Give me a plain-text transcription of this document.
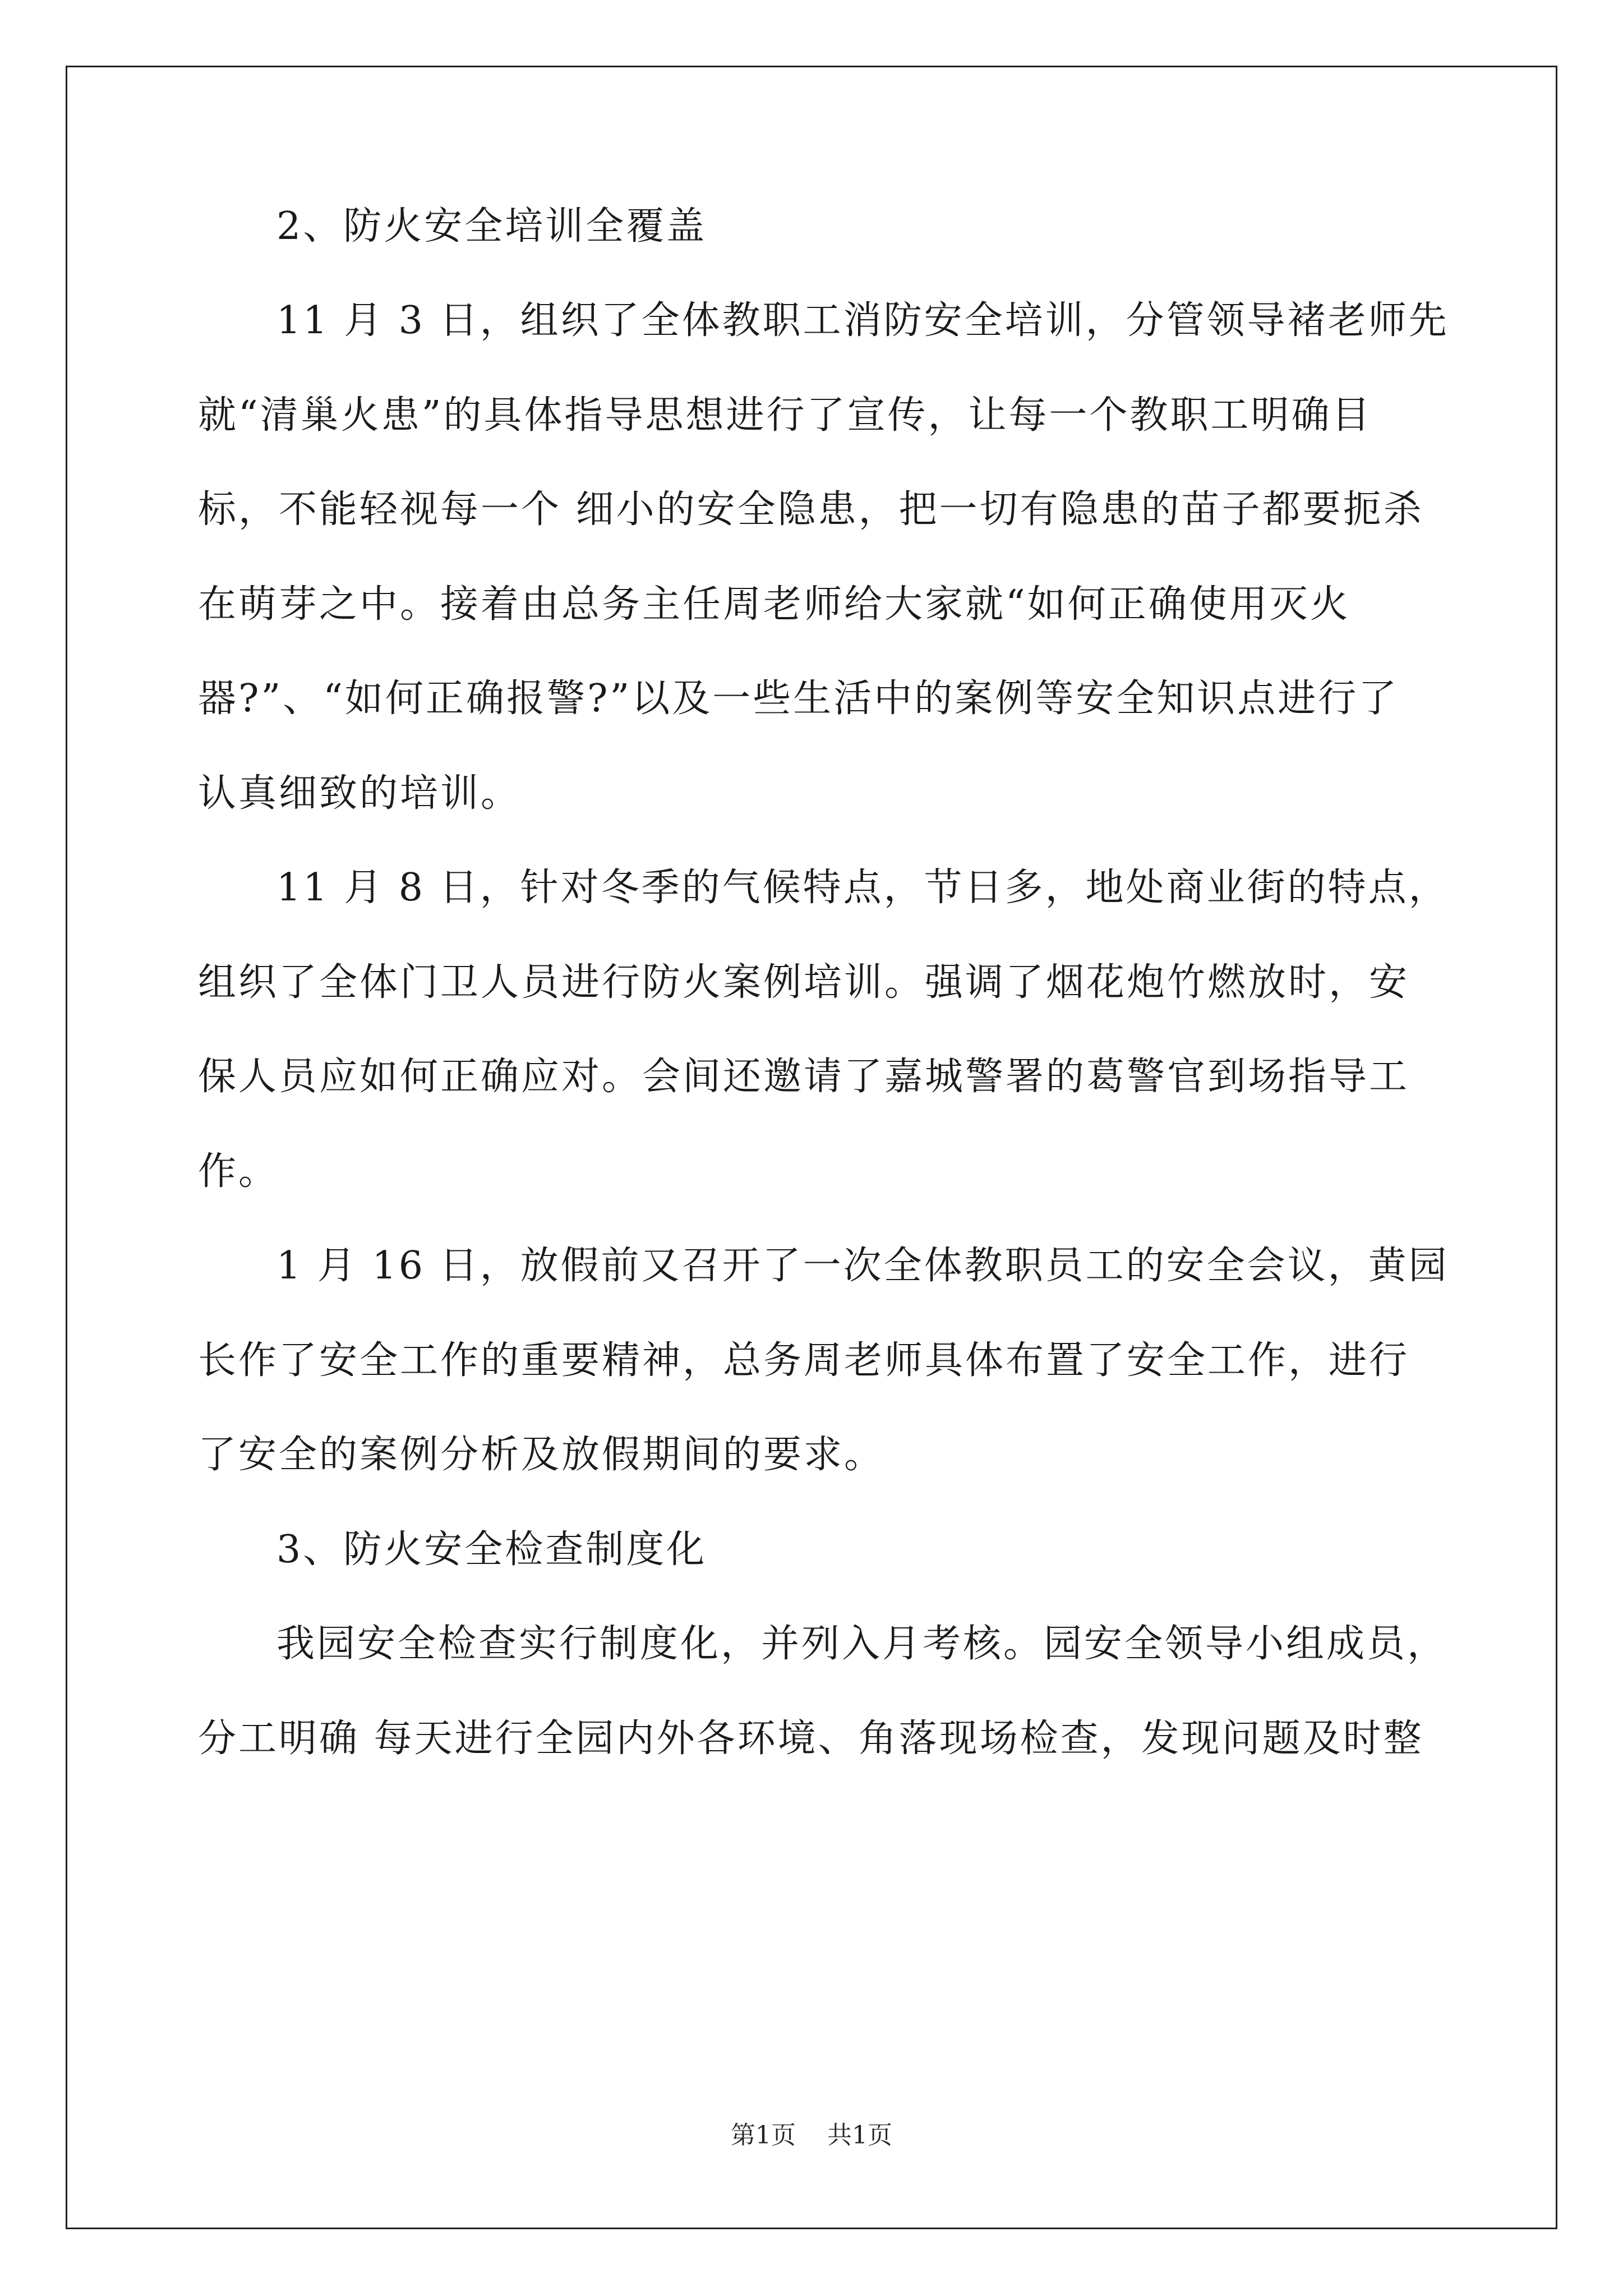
2、防火安全培训全覆盖

11 月 3 日，组织了全体教职工消防安全培训，分管领导褚老师先

就“清巢火患”的具体指导思想进行了宣传，让每一个教职工明确目

标，不能轻视每一个 细小的安全隐患，把一切有隐患的苗子都要扼杀

在萌芽之中。接着由总务主任周老师给大家就“如何正确使用灭火

器?”、“如何正确报警?”以及一些生活中的案例等安全知识点进行了

认真细致的培训。

11 月 8 日，针对冬季的气候特点，节日多，地处商业街的特点，

组织了全体门卫人员进行防火案例培训。强调了烟花炮竹燃放时，安

保人员应如何正确应对。会间还邀请了嘉城警署的葛警官到场指导工

作。

1 月 16 日，放假前又召开了一次全体教职员工的安全会议，黄园

长作了安全工作的重要精神，总务周老师具体布置了安全工作，进行

了安全的案例分析及放假期间的要求。

3、防火安全检查制度化

我园安全检查实行制度化，并列入月考核。园安全领导小组成员，

分工明确 每天进行全园内外各环境、角落现场检查，发现问题及时整

第1页 共1页
